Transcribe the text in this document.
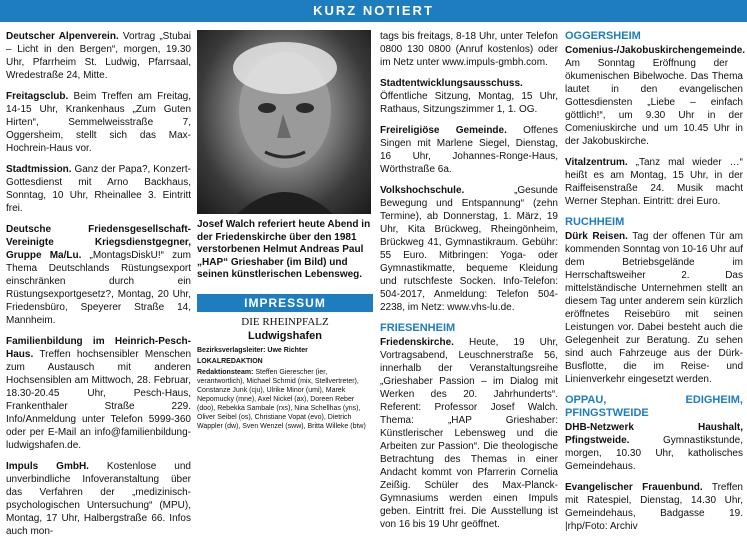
KURZ NOTIERT

Deutscher Alpenverein. Vortrag „Stubai – Licht in den Bergen“, morgen, 19.30 Uhr, Pfarrheim St. Ludwig, Pfarrsaal, Wredestraße 24, Mitte.

Freitagsclub. Beim Treffen am Freitag, 14-15 Uhr, Krankenhaus „Zum Guten Hirten“, Semmelweisstraße 7, Oggersheim, stellt sich das Max-Hochrein-Haus vor.

Stadtmission. Ganz der Papa?, Konzert-Gottesdienst mit Arno Backhaus, Sonntag, 10 Uhr, Rheinallee 3. Eintritt frei.

Deutsche Friedensgesellschaft-Vereinigte Kriegsdienstgegner, Gruppe Ma/Lu. „MontagsDiskU!“ zum Thema Deutschlands Rüstungsexport einschränken durch ein Rüstungsexportgesetz?, Montag, 20 Uhr, Friedensbüro, Speyerer Straße 14, Mannheim.

Familienbildung im Heinrich-Pesch-Haus. Treffen hochsensibler Menschen zum Austausch mit anderen Hochsensiblen am Mittwoch, 28. Februar, 18.30-20.45 Uhr, Pesch-Haus, Frankenthaler Straße 229. Info/Anmeldung unter Telefon 5999-360 oder per E-Mail an info@familienbildung-ludwigshafen.de.

Impuls GmbH. Kostenlose und unverbindliche Infoveranstaltung über das Verfahren der „medizinisch-psychologischen Untersuchung“ (MPU), Montag, 17 Uhr, Halbergstraße 66. Infos auch mon-

Josef Walch referiert heute Abend in der Friedenskirche über den 1981 verstorbenen Helmut Andreas Paul „HAP“ Grieshaber (im Bild) und seinen künstlerischen Lebensweg.
IMPRESSUM
DIE RHEINPFALZ
Ludwigshafen
Bezirksverlagsleiter: Uwe Richter
LOKALREDAKTION
Redaktionsteam: Steffen Gierescher (ier, verantwortlich), Michael Schmid (mix, Stellvertreter), Constanze Junk (cju), Ulrike Minor (umi), Marek Nepomucky (mne), Axel Nickel (ax), Doreen Reber (doo), Rebekka Sambale (rxs), Nina Schellhas (yns), Oliver Seibel (os), Christiane Vopat (evo), Dietrich Wappler (dw), Sven Wenzel (sww), Britta Willeke (btw)

tags bis freitags, 8-18 Uhr, unter Telefon 0800 130 0800 (Anruf kostenlos) oder im Netz unter www.impuls-gmbh.com.

Stadtentwicklungsausschuss. Öffentliche Sitzung, Montag, 15 Uhr, Rathaus, Sitzungszimmer 1, 1. OG.

Freireligiöse Gemeinde. Offenes Singen mit Marlene Siegel, Dienstag, 16 Uhr, Johannes-Ronge-Haus, Wörthstraße 6a.

Volkshochschule. „Gesunde Bewegung und Entspannung“ (zehn Termine), ab Donnerstag, 1. März, 19 Uhr, Kita Brückweg, Rheingönheim, Brückweg 41, Gymnastikraum. Gebühr: 55 Euro. Mitbringen: Yoga- oder Gymnastikmatte, bequeme Kleidung und rutschfeste Socken. Info-Telefon: 504-2017, Anmeldung: Telefon 504-2238, im Netz: www.vhs-lu.de.

FRIESENHEIM

Friedenskirche. Heute, 19 Uhr, Vortragsabend, Leuschnerstraße 56, innerhalb der Veranstaltungsreihe „Grieshaber Passion – im Dialog mit Werken des 20. Jahrhunderts“. Referent: Professor Josef Walch. Thema: „HAP Grieshaber: Künstlerischer Lebensweg und die Arbeiten zur Passion“. Die theologische Betrachtung des Themas in einer Andacht kommt von Pfarrerin Cornelia Zeißig. Schüler des Max-Planck-Gymnasiums werden einen Impuls geben. Eintritt frei. Die Ausstellung ist von 16 bis 19 Uhr geöffnet.

OGGERSHEIM

Comenius-/Jakobuskirchengemeinde. Am Sonntag Eröffnung der ökumenischen Bibelwoche. Das Thema lautet in den evangelischen Gottesdiensten „Liebe – einfach göttlich!“, um 9.30 Uhr in der Comeniuskirche und um 10.45 Uhr in der Jakobuskirche.

Vitalzentrum. „Tanz mal wieder …“ heißt es am Montag, 15 Uhr, in der Raiffeisenstraße 24. Musik macht Werner Stephan. Eintritt: drei Euro.

RUCHHEIM

Dürk Reisen. Tag der offenen Tür am kommenden Sonntag von 10-16 Uhr auf dem Betriebsgelände im Herrschaftsweiher 2. Das mittelständische Unternehmen stellt an diesem Tag unter anderem sein kürzlich eröffnetes Reisebüro mit seinen Leistungen vor. Dabei besteht auch die Gelegenheit zur Beratung. Zu sehen sind auch Fahrzeuge aus der Dürk-Busflotte, die im Reise- und Linienverkehr eingesetzt werden.

OPPAU, EDIGHEIM, PFINGSTWEIDE

DHB-Netzwerk Haushalt, Pfingstweide. Gymnastikstunde, morgen, 10.30 Uhr, katholisches Gemeindehaus.

Evangelischer Frauenbund. Treffen mit Ratespiel, Dienstag, 14.30 Uhr, Gemeindehaus, Badgasse 19. |rhp/Foto: Archiv
